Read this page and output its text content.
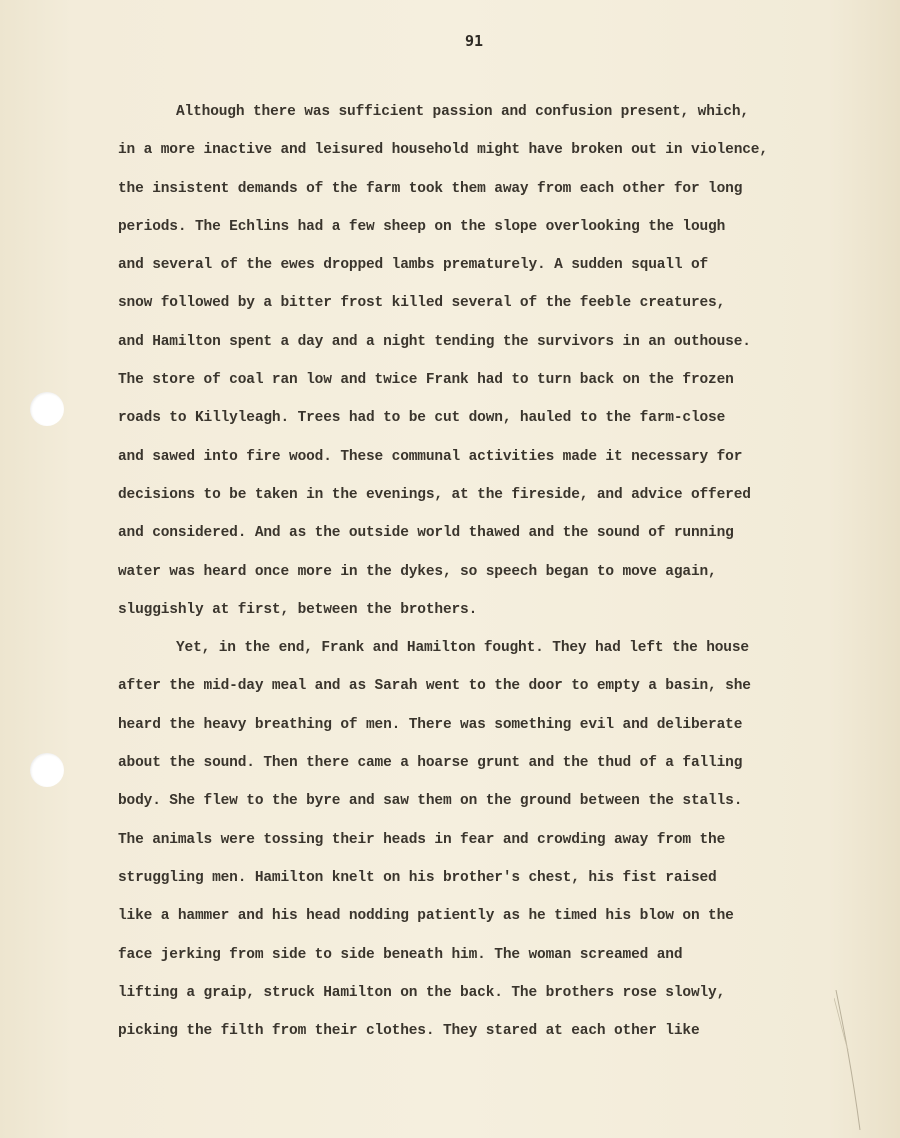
91
Although there was sufficient passion and confusion present, which,
in a more inactive and leisured household might have broken out in violence,
the insistent demands of the farm took them away from each other for long
periods. The Echlins had a few sheep on the slope overlooking the lough
and several of the ewes dropped lambs prematurely. A sudden squall of
snow followed by a bitter frost killed several of the feeble creatures,
and Hamilton spent a day and a night tending the survivors in an outhouse.
The store of coal ran low and twice Frank had to turn back on the frozen
roads to Killyleagh. Trees had to be cut down, hauled to the farm-close
and sawed into fire wood. These communal activities made it necessary for
decisions to be taken in the evenings, at the fireside, and advice offered
and considered. And as the outside world thawed and the sound of running
water was heard once more in the dykes, so speech began to move again,
sluggishly at first, between the brothers.
Yet, in the end, Frank and Hamilton fought. They had left the house
after the mid-day meal and as Sarah went to the door to empty a basin, she
heard the heavy breathing of men. There was something evil and deliberate
about the sound. Then there came a hoarse grunt and the thud of a falling
body. She flew to the byre and saw them on the ground between the stalls.
The animals were tossing their heads in fear and crowding away from the
struggling men. Hamilton knelt on his brother's chest, his fist raised
like a hammer and his head nodding patiently as he timed his blow on the
face jerking from side to side beneath him. The woman screamed and
lifting a graip, struck Hamilton on the back. The brothers rose slowly,
picking the filth from their clothes. They stared at each other like
